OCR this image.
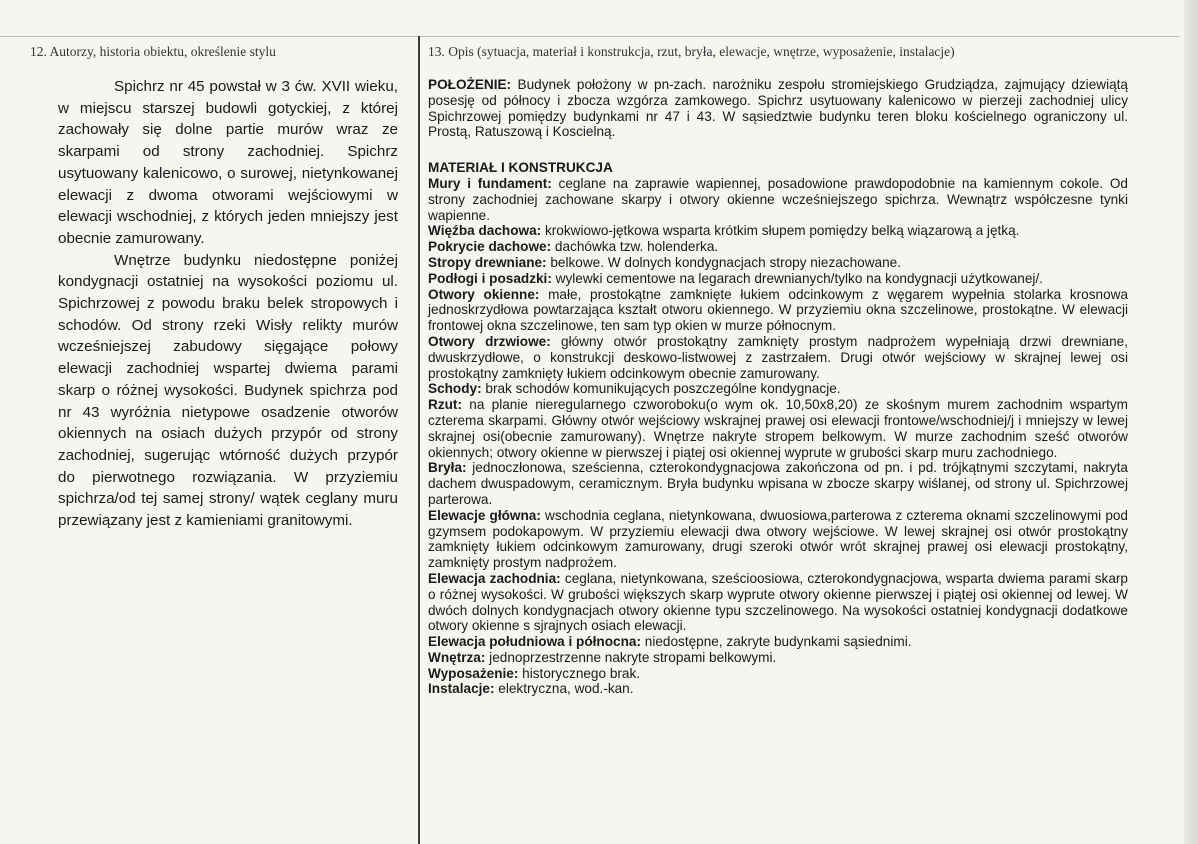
12. Autorzy, historia obiektu, określenie stylu	13. Opis (sytuacja, materiał i konstrukcja, rzut, bryła, elewacje, wnętrze, wyposażenie, instalacje)

Spichrz nr 45 powstał w 3 ćw. XVII wieku, w miejscu starszej budowli gotyckiej, z której zachowały się dolne partie murów wraz ze skarpami od strony zachodniej. Spichrz usytuowany kalenicowo, o surowej, nietynkowanej elewacji z dwoma otworami wejściowymi w elewacji wschodniej, z których jeden mniejszy jest obecnie zamurowany.

Wnętrze budynku niedostępne poniżej kondygnacji ostatniej na wysokości poziomu ul. Spichrzowej z powodu braku belek stropowych i schodów. Od strony rzeki Wisły relikty murów wcześniejszej zabudowy sięgające połowy elewacji zachodniej wspartej dwiema parami skarp o różnej wysokości. Budynek spichrza pod nr 43 wyróżnia nietypowe osadzenie otworów okiennych na osiach dużych przypór od strony zachodniej, sugerując wtórność dużych przypór do pierwotnego rozwiązania. W przyziemiu spichrza/od tej samej strony/ wątek ceglany muru przewiązany jest z kamieniami granitowymi.

POŁOŻENIE: Budynek położony w pn-zach. narożniku zespołu stromiejskiego Grudziądza, zajmujący dziewiątą posesję od północy i zbocza wzgórza zamkowego. Spichrz usytuowany kalenicowo w pierzeji zachodniej ulicy Spichrzowej pomiędzy budynkami nr 47 i 43. W sąsiedztwie budynku teren bloku kościelnego ograniczony ul. Prostą, Ratuszową i Koscielną.

MATERIAŁ I KONSTRUKCJA

Mury i fundament: ceglane na zaprawie wapiennej, posadowione prawdopodobnie na kamiennym cokole. Od strony zachodniej zachowane skarpy i otwory okienne wcześniejszego spichrza. Wewnątrz współczesne tynki wapienne.

Więźba dachowa: krokwiowo-jętkowa wsparta krótkim słupem pomiędzy belką wiązarową a jętką.

Pokrycie dachowe: dachówka tzw. holenderka.

Stropy drewniane: belkowe. W dolnych kondygnacjach stropy niezachowane.

Podłogi i posadzki: wylewki cementowe na legarach drewnianych/tylko na kondygnacji użytkowanej/.

Otwory okienne: małe, prostokątne zamknięte łukiem odcinkowym z węgarem wypełnia stolarka krosnowa jednoskrzydłowa powtarzająca kształt otworu okiennego. W przyziemiu okna szczelinowe, prostokątne. W elewacji frontowej okna szczelinowe, ten sam typ okien w murze północnym.

Otwory drzwiowe: główny otwór prostokątny zamknięty prostym nadprożem wypełniają drzwi drewniane, dwuskrzydłowe, o konstrukcji deskowo-listwowej z zastrzałem. Drugi otwór wejściowy w skrajnej lewej osi prostokątny zamknięty łukiem odcinkowym obecnie zamurowany.

Schody: brak schodów komunikujących poszczególne kondygnacje.

Rzut: na planie nieregularnego czworoboku(o wym ok. 10,50x8,20) ze skośnym murem zachodnim wspartym czterema skarpami. Główny otwór wejściowy wskrajnej prawej osi elewacji frontowe/wschodniej/j i mniejszy w lewej skrajnej osi(obecnie zamurowany). Wnętrze nakryte stropem belkowym. W murze zachodnim sześć otworów okiennych; otwory okienne w pierwszej i piątej osi okiennej wyprute w grubości skarp muru zachodniego.

Bryła: jednoczłonowa, sześcienna, czterokondygnacjowa zakończona od pn. i pd. trójkątnymi szczytami, nakryta dachem dwuspadowym, ceramicznym. Bryła budynku wpisana w zbocze skarpy wiślanej, od strony ul. Spichrzowej parterowa.

Elewacje główna: wschodnia ceglana, nietynkowana, dwuosiowa,parterowa z czterema oknami szczelinowymi pod gzymsem podokapowym. W przyziemiu elewacji dwa otwory wejściowe. W lewej skrajnej osi otwór prostokątny zamknięty łukiem odcinkowym zamurowany, drugi szeroki otwór wrót skrajnej prawej osi elewacji prostokątny, zamknięty prostym nadprożem.

Elewacja zachodnia: ceglana, nietynkowana, sześcioosiowa, czterokondygnacjowa, wsparta dwiema parami skarp o różnej wysokości. W grubości większych skarp wyprute otwory okienne pierwszej i piątej osi okiennej od lewej. W dwóch dolnych kondygnacjach otwory okienne typu szczelinowego. Na wysokości ostatniej kondygnacji dodatkowe otwory okienne s sjrajnych osiach elewacji.

Elewacja południowa i północna: niedostępne, zakryte budynkami sąsiednimi.

Wnętrza: jednoprzestrzenne nakryte stropami belkowymi.

Wyposażenie: historycznego brak.

Instalacje: elektryczna, wod.-kan.
